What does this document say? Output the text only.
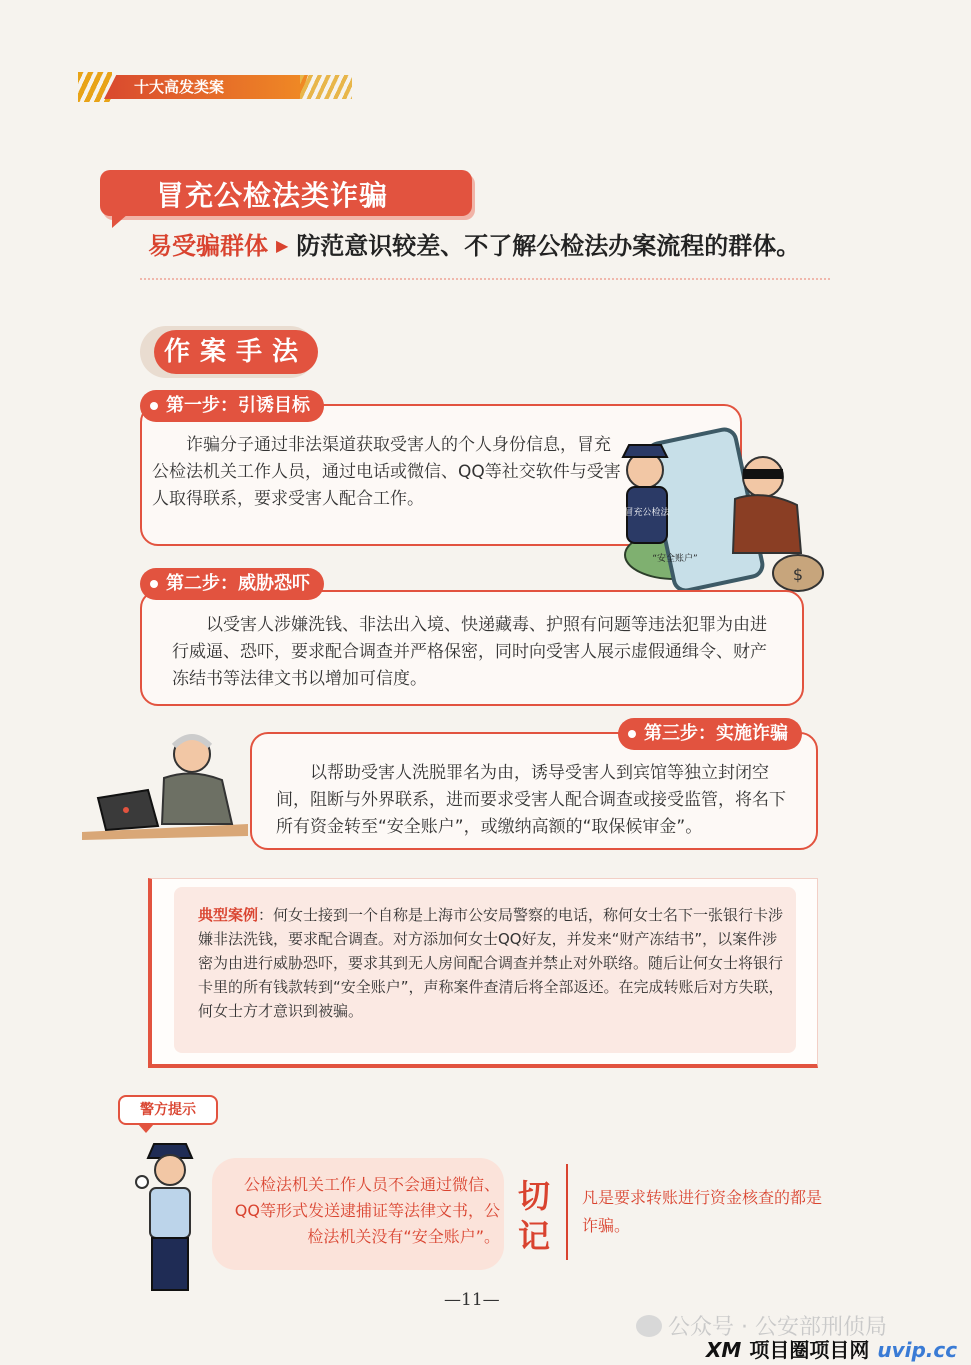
十大高发类案
冒充公检法类诈骗
易受骗群体 ▶ 防范意识较差、不了解公检法办案流程的群体。
作案手法

诈骗分子通过非法渠道获取受害人的个人身份信息，冒充公检法机关工作人员，通过电话或微信、QQ等社交软件与受害人取得联系，要求受害人配合工作。

第一步：引诱目标
冒充公检法
“安全账户”
$

以受害人涉嫌洗钱、非法出入境、快递藏毒、护照有问题等违法犯罪为由进行威逼、恐吓，要求配合调查并严格保密，同时向受害人展示虚假通缉令、财产冻结书等法律文书以增加可信度。

第二步：威胁恐吓

以帮助受害人洗脱罪名为由，诱导受害人到宾馆等独立封闭空间，阻断与外界联系，进而要求受害人配合调查或接受监管，将名下所有资金转至“安全账户”，或缴纳高额的“取保候审金”。

第三步：实施诈骗

典型案例：何女士接到一个自称是上海市公安局警察的电话，称何女士名下一张银行卡涉嫌非法洗钱，要求配合调查。对方添加何女士QQ好友，并发来“财产冻结书”，以案件涉密为由进行威胁恐吓，要求其到无人房间配合调查并禁止对外联络。随后让何女士将银行卡里的所有钱款转到“安全账户”，声称案件查清后将全部返还。在完成转账后对方失联，何女士方才意识到被骗。

警方提示

公检法机关工作人员不会通过微信、QQ等形式发送逮捕证等法律文书，公检法机关没有“安全账户”。

切记
凡是要求转账进行资金核查的都是诈骗。
—11—
公众号 · 公安部刑侦局
XM 项目圈项目网 uvip.cc
